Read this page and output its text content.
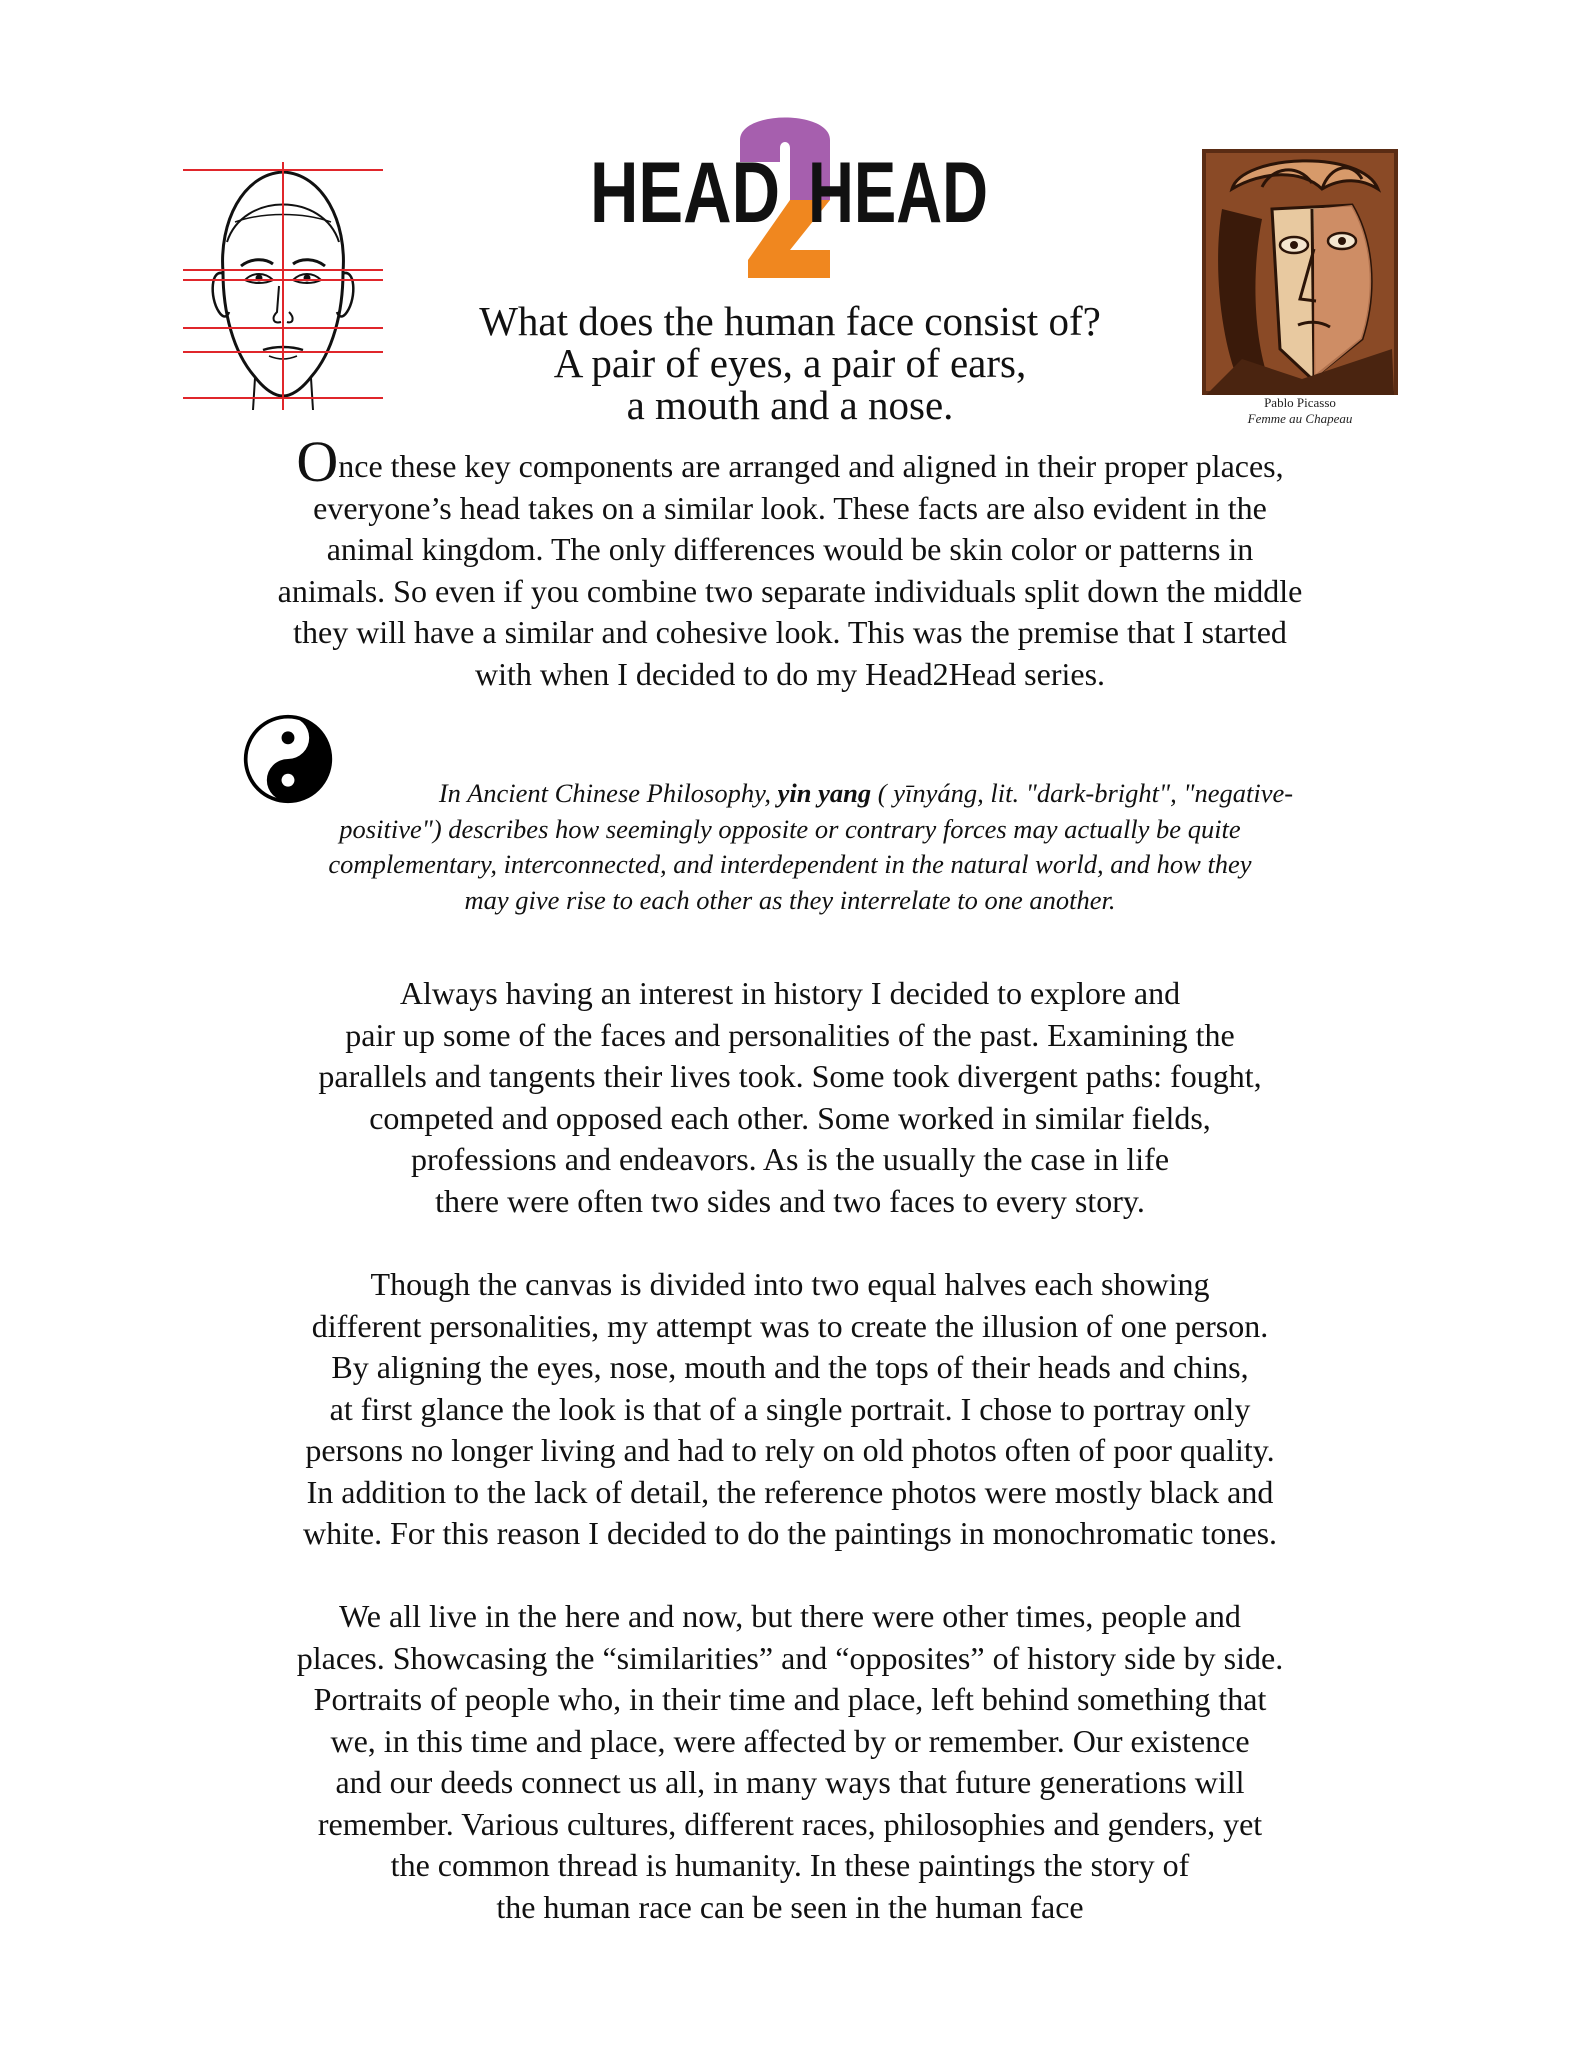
HEAD HEAD
2
Pablo Picasso
Femme au Chapeau
What does the human face consist of?
A pair of eyes, a pair of ears,
a mouth and a nose.
Once these key components are arranged and aligned in their proper places,
everyone’s head takes on a similar look. These facts are also evident in the
animal kingdom. The only differences would be skin color or patterns in
animals. So even if you combine two separate individuals split down the middle
they will have a similar and cohesive look. This was the premise that I started
with when I decided to do my Head2Head series.
In Ancient Chinese Philosophy, yin yang ( yīnyáng, lit. "dark-bright", "negative-
positive") describes how seemingly opposite or contrary forces may actually be quite
complementary, interconnected, and interdependent in the natural world, and how they
may give rise to each other as they interrelate to one another.
Always having an interest in history I decided to explore and
pair up some of the faces and personalities of the past. Examining the
parallels and tangents their lives took. Some took divergent paths: fought,
competed and opposed each other. Some worked in similar fields,
professions and endeavors. As is the usually the case in life
there were often two sides and two faces to every story.
Though the canvas is divided into two equal halves each showing
different personalities, my attempt was to create the illusion of one person.
By aligning the eyes, nose, mouth and the tops of their heads and chins,
at first glance the look is that of a single portrait. I chose to portray only
persons no longer living and had to rely on old photos often of poor quality.
In addition to the lack of detail, the reference photos were mostly black and
white. For this reason I decided to do the paintings in monochromatic tones.
We all live in the here and now, but there were other times, people and
places. Showcasing the “similarities” and “opposites” of history side by side.
Portraits of people who, in their time and place, left behind something that
we, in this time and place, were affected by or remember. Our existence
and our deeds connect us all, in many ways that future generations will
remember. Various cultures, different races, philosophies and genders, yet
the common thread is humanity. In these paintings the story of
the human race can be seen in the human face
